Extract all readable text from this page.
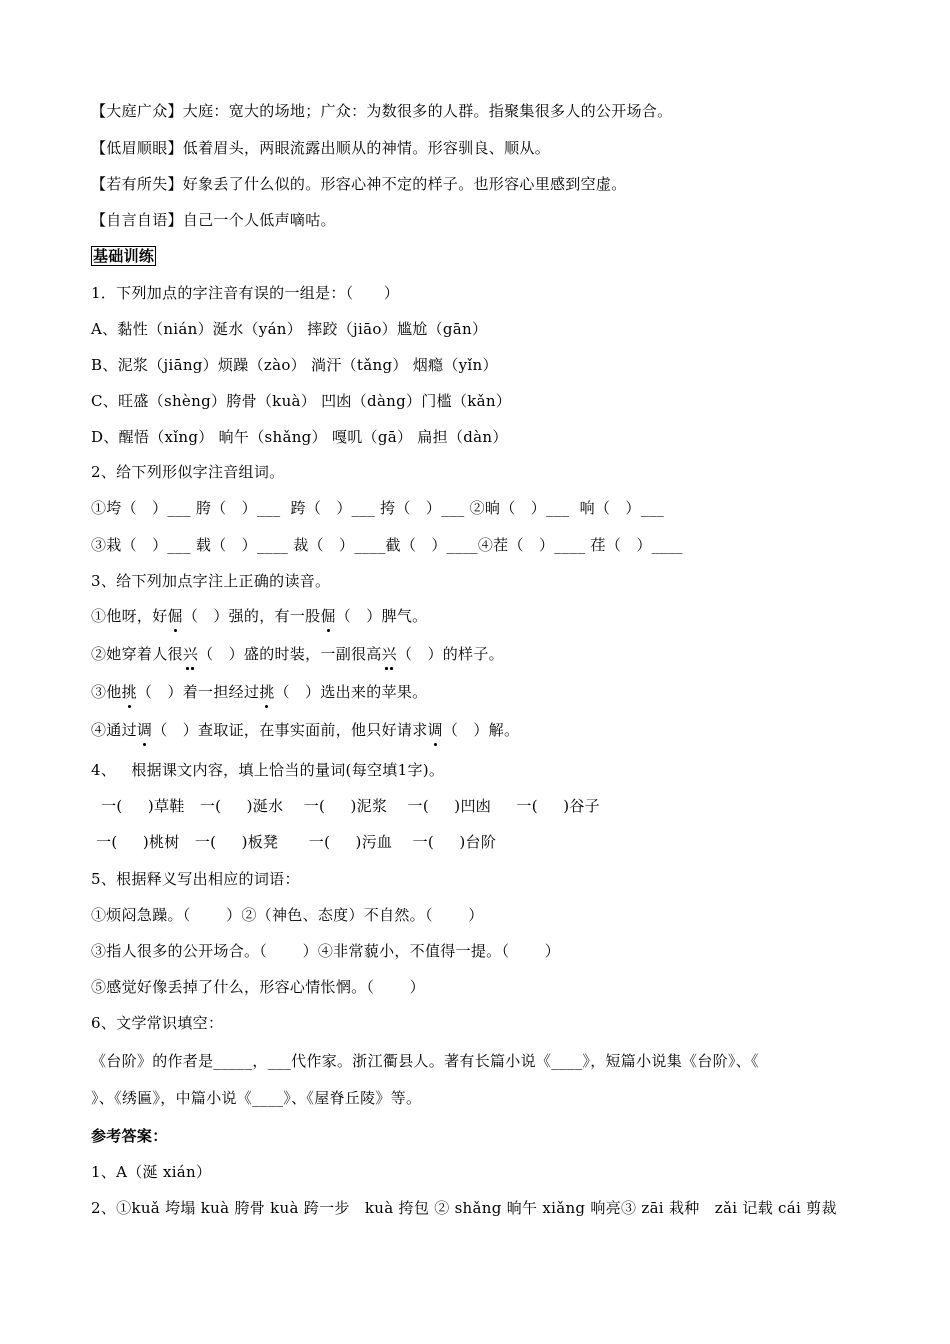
【大庭广众】大庭：宽大的场地；广众：为数很多的人群。指聚集很多人的公开场合。
【低眉顺眼】低着眉头，两眼流露出顺从的神情。形容驯良、顺从。
【若有所失】好象丢了什么似的。形容心神不定的样子。也形容心里感到空虚。
【自言自语】自己一个人低声嘀咕。
基础训练
1．下列加点的字注音有误的一组是：（      ）
A、黏性（nián）涎水（yán） 摔跤（jiāo）尴尬（gān）
B、泥浆（jiāng）烦躁（zào） 淌汗（tǎng） 烟瘾（yǐn）
C、旺盛（shèng）胯骨（kuà） 凹凼（dàng）门槛（kǎn）
D、醒悟（xǐng） 晌午（shǎng） 嘎叽（gā） 扁担（dàn）
2、给下列形似字注音组词。
①垮（   ）___ 胯（   ）___  跨（   ）___ 挎（   ）___ ②晌（   ）___  响（   ）___
③栽（   ）___ 载（   ）____ 裁（   ）____截（   ）____④茬（   ）____ 荏（   ）____
3、给下列加点字注上正确的读音。
①他呀，好倔（   ）强的，有一股倔（   ）脾气。
②她穿着人很兴（   ）盛的时装，一副很高兴（   ）的样子。
③他挑（   ）着一担经过挑（   ）选出来的苹果。
④通过调（   ）查取证，在事实面前，他只好请求调（   ）解。
4、   根据课文内容，填上恰当的量词(每空填1字)。
一(     )草鞋   一(     )涎水    一(     )泥浆    一(     )凹凼     一(     )谷子
一(     )桃树   一(     )板凳      一(     )污血    一(     )台阶
5、根据释义写出相应的词语：
①烦闷急躁。（       ）②（神色、态度）不自然。（       ）
③指人很多的公开场合。（       ）④非常藐小，不值得一提。（       ）
⑤感觉好像丢掉了什么，形容心情怅惘。（       ）
6、文学常识填空：
《台阶》的作者是_____，___代作家。浙江衢县人。著有长篇小说《____》，短篇小说集《台阶》、《
》、《绣匾》，中篇小说《____》、《屋脊丘陵》等。
参考答案：
1、A（涎 xián）
2、①kuǎ 垮塌 kuà 胯骨 kuà 跨一步   kuà 挎包 ② shǎng 晌午 xiǎng 响亮③ zāi 栽种   zǎi 记载 cái 剪裁
